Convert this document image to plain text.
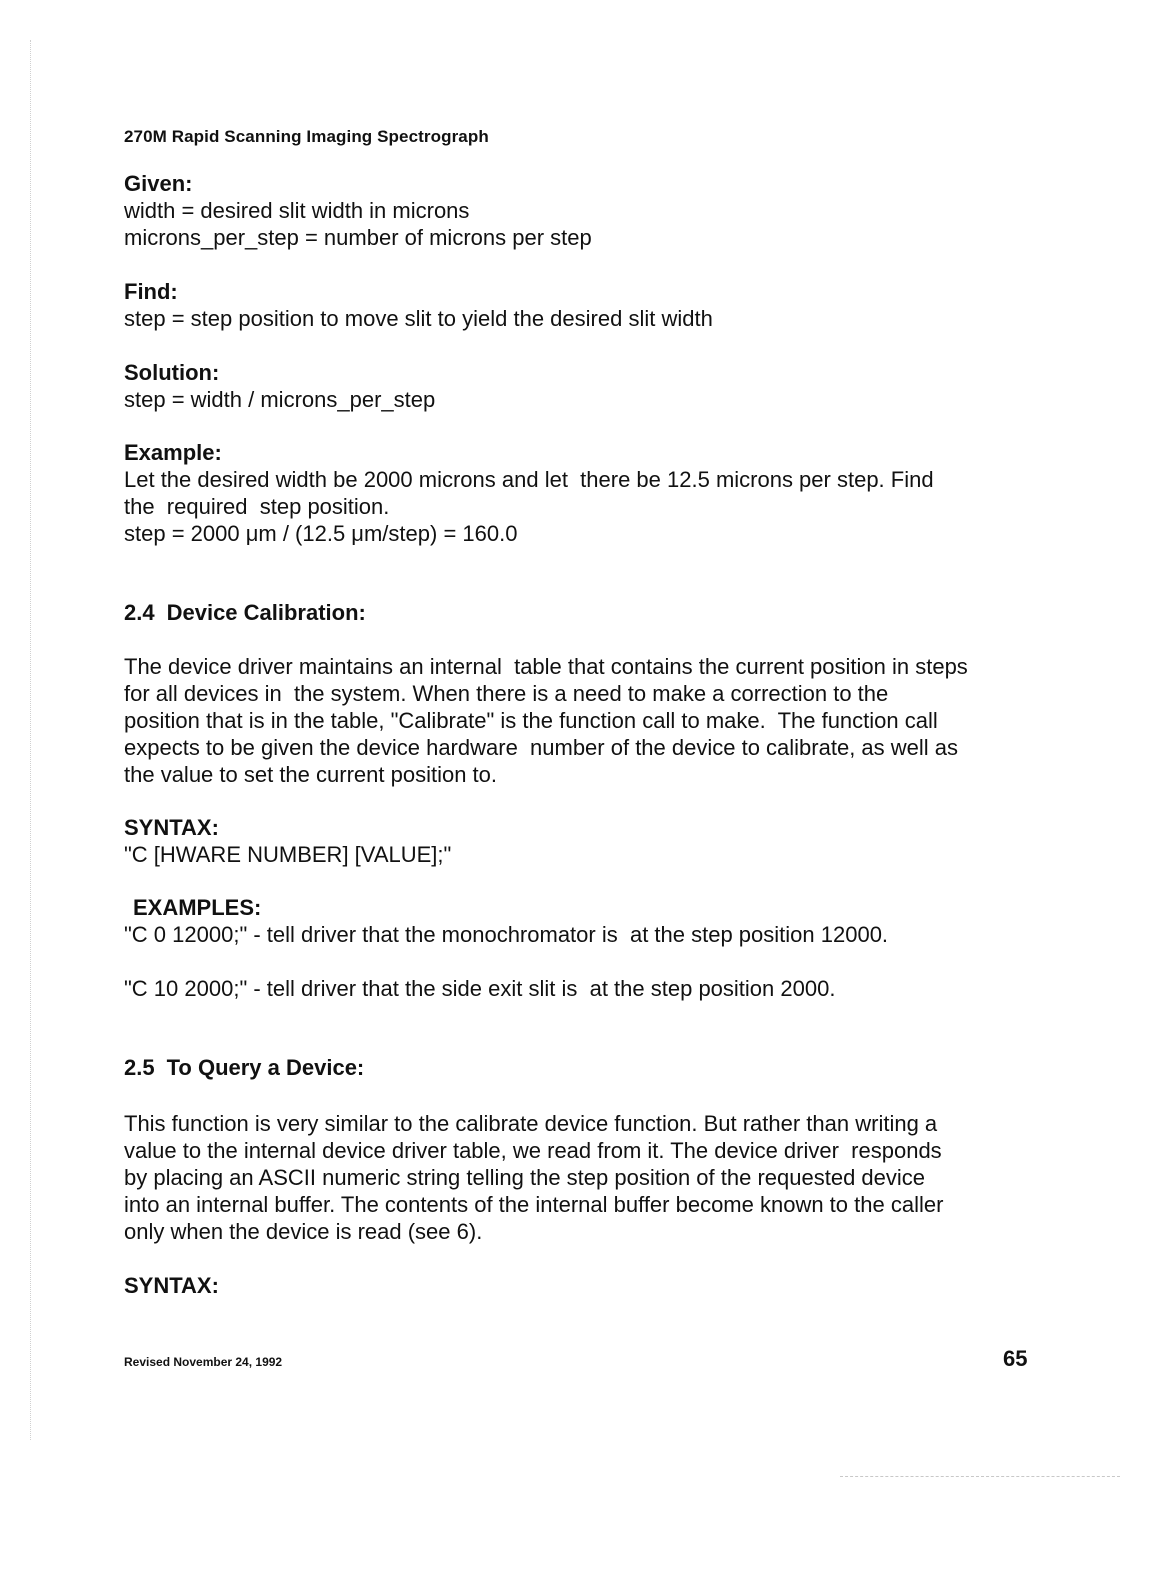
270M Rapid Scanning Imaging Spectrograph
Given:
width = desired slit width in microns
microns_per_step = number of microns per step
Find:
step = step position to move slit to yield the desired slit width
Solution:
step = width / microns_per_step
Example:
Let the desired width be 2000 microns and let  there be 12.5 microns per step. Find
the  required  step position.
step = 2000 μm / (12.5 μm/step) = 160.0
2.4 Device Calibration:
The device driver maintains an internal  table that contains the current position in steps
for all devices in  the system. When there is a need to make a correction to the
position that is in the table, "Calibrate" is the function call to make.  The function call
expects to be given the device hardware  number of the device to calibrate, as well as
the value to set the current position to.
SYNTAX:
"C [HWARE NUMBER] [VALUE];"
EXAMPLES:
"C 0 12000;" - tell driver that the monochromator is  at the step position 12000.
"C 10 2000;" - tell driver that the side exit slit is  at the step position 2000.
2.5 To Query a Device:
This function is very similar to the calibrate device function. But rather than writing a
value to the internal device driver table, we read from it. The device driver  responds
by placing an ASCII numeric string telling the step position of the requested device
into an internal buffer. The contents of the internal buffer become known to the caller
only when the device is read (see 6).
SYNTAX:
Revised November 24, 1992	65
